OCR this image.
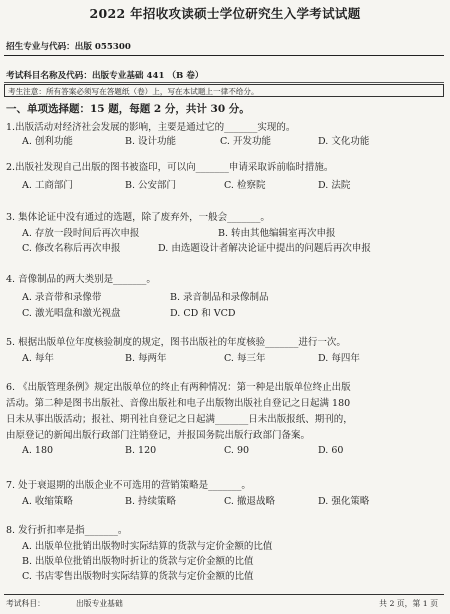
2022 年招收攻读硕士学位研究生入学考试试题
招生专业与代码：出版 055300
考试科目名称及代码：出版专业基础 441 （B 卷）
考生注意：所有答案必须写在答题纸（卷）上，写在本试题上一律不给分。
一、单项选择题：15 题，每题 2 分，共计 30 分。
1.出版活动对经济社会发展的影响，主要是通过它的_______实现的。
A. 创利功能	B. 设计功能	C. 开发功能	D. 文化功能
2.出版社发现自己出版的图书被盗印，可以向_______申请采取诉前临时措施。
A. 工商部门	B. 公安部门	C. 检察院	D. 法院
3. 集体论证中没有通过的选题，除了废弃外，一般会_______。
A. 存放一段时间后再次申报	B. 转由其他编辑室再次申报
C. 修改名称后再次申报	D. 由选题设计者解决论证中提出的问题后再次申报
4. 音像制品的两大类别是_______。
A. 录音带和录像带	B. 录音制品和录像制品
C. 激光唱盘和激光视盘	D. CD 和 VCD
5. 根据出版单位年度核验制度的规定，图书出版社的年度核验_______进行一次。
A. 每年	B. 每两年	C. 每三年	D. 每四年
6. 《出版管理条例》规定出版单位的终止有两种情况：第一种是出版单位终止出版
活动。第二种是图书出版社、音像出版社和电子出版物出版社自登记之日起满 180
日未从事出版活动；报社、期刊社自登记之日起满_______日未出版报纸、期刊的，
由原登记的新闻出版行政部门注销登记，并报国务院出版行政部门备案。
A. 180	B. 120	C. 90	D. 60
7. 处于衰退期的出版企业不可选用的营销策略是_______。
A. 收缩策略	B. 持续策略	C. 撤退战略	D. 强化策略
8. 发行折扣率是指_______。
A. 出版单位批销出版物时实际结算的货款与定价金额的比值
B. 出版单位批销出版物时折让的货款与定价金额的比值
C. 书店零售出版物时实际结算的货款与定价金额的比值
考试科目：	出版专业基础	共 2 页，第 1 页
